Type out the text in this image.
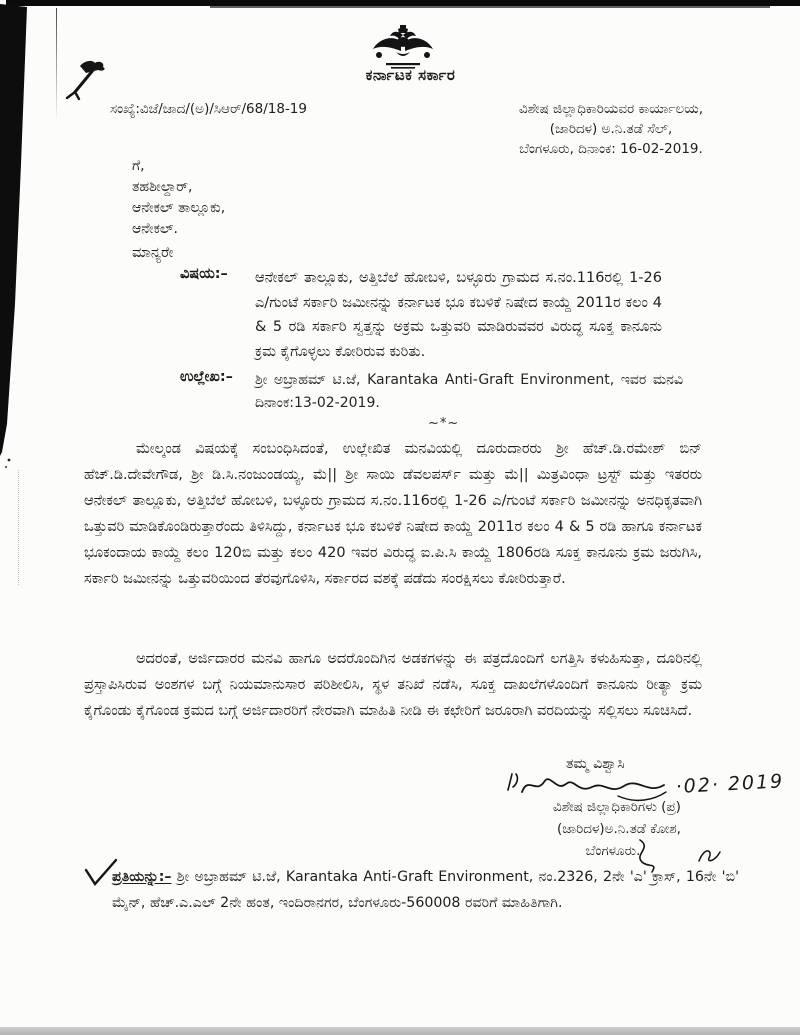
ಕರ್ನಾಟಕ ಸರ್ಕಾರ
ಸಂಖ್ಯೆ:ವಿಜೆ/ಜಾದ/(ಅ)/ಸಿಆರ್/68/18-19	ವಿಶೇಷ ಜಿಲ್ಲಾಧಿಕಾರಿಯವರ ಕಾರ್ಯಾಲಯ,
(ಜಾರಿದಳ) ಅ.ನಿ.ತಡೆ ಸೆಲ್,
ಬೆಂಗಳೂರು, ದಿನಾಂಕ: 16-02-2019.
ಗೆ,
ತಹಶೀಲ್ದಾರ್,
ಆನೇಕಲ್ ತಾಲ್ಲೂಕು,
ಆನೇಕಲ್.
ಮಾನ್ಯರೇ
ವಿಷಯ:– ಆನೇಕಲ್ ತಾಲ್ಲೂಕು, ಅತ್ತಿಬೆಲೆ ಹೋಬಳಿ, ಬಳ್ಳೂರು ಗ್ರಾಮದ ಸ.ನಂ.116ರಲ್ಲಿ 1-26 ಎ/ಗುಂಟೆ ಸರ್ಕಾರಿ ಜಮೀನನ್ನು ಕರ್ನಾಟಕ ಭೂ ಕಬಳಿಕೆ ನಿಷೇದ ಕಾಯ್ದೆ 2011ರ ಕಲಂ 4 & 5 ರಡಿ ಸರ್ಕಾರಿ ಸ್ವತ್ತನ್ನು ಅಕ್ರಮ ಒತ್ತುವರಿ ಮಾಡಿರುವವರ ವಿರುದ್ಧ ಸೂಕ್ತ ಕಾನೂನು ಕ್ರಮ ಕೈಗೊಳ್ಳಲು ಕೋರಿರುವ ಕುರಿತು.
ಉಲ್ಲೇಖ:– ಶ್ರೀ ಅಬ್ರಾಹಮ್ ಟಿ.ಜೆ, Karantaka Anti-Graft Environment, ಇವರ ಮನವಿ ದಿನಾಂಕ:13-02-2019.
~*~
ಮೇಲ್ಕಂಡ ವಿಷಯಕ್ಕೆ ಸಂಬಂಧಿಸಿದಂತೆ, ಉಲ್ಲೇಖಿತ ಮನವಿಯಲ್ಲಿ ದೂರುದಾರರು ಶ್ರೀ ಹೆಚ್.ಡಿ.ರಮೇಶ್ ಬಿನ್ ಹೆಚ್.ಡಿ.ದೇವೇಗೌಡ, ಶ್ರೀ ಡಿ.ಸಿ.ನಂಜುಂಡಯ್ಯ, ಮೆ|| ಶ್ರೀ ಸಾಯಿ ಡೆವಲಪರ್ಸ್ ಮತ್ತು ಮೆ|| ಮಿತ್ರವಿಂಧಾ ಟ್ರಸ್ಟ್ ಮತ್ತು ಇತರರು ಆನೇಕಲ್ ತಾಲ್ಲೂಕು, ಅತ್ತಿಬೆಲೆ ಹೋಬಳಿ, ಬಳ್ಳೂರು ಗ್ರಾಮದ ಸ.ನಂ.116ರಲ್ಲಿ 1-26 ಎ/ಗುಂಟೆ ಸರ್ಕಾರಿ ಜಮೀನನ್ನು ಅನಧಿಕೃತವಾಗಿ ಒತ್ತುವರಿ ಮಾಡಿಕೊಂಡಿರುತ್ತಾರೆಂದು ತಿಳಿಸಿದ್ದು, ಕರ್ನಾಟಕ ಭೂ ಕಬಳಿಕೆ ನಿಷೇದ ಕಾಯ್ದೆ 2011ರ ಕಲಂ 4 & 5 ರಡಿ ಹಾಗೂ ಕರ್ನಾಟಕ ಭೂಕಂದಾಯ ಕಾಯ್ದೆ ಕಲಂ 120ಬಿ ಮತ್ತು ಕಲಂ 420 ಇವರ ವಿರುದ್ಧ ಐ.ಪಿ.ಸಿ ಕಾಯ್ದೆ 1806ರಡಿ ಸೂಕ್ತ ಕಾನೂನು ಕ್ರಮ ಜರುಗಿಸಿ, ಸರ್ಕಾರಿ ಜಮೀನನ್ನು ಒತ್ತುವರಿಯಿಂದ ತೆರವುಗೊಳಿಸಿ, ಸರ್ಕಾರದ ವಶಕ್ಕೆ ಪಡೆದು ಸಂರಕ್ಷಿಸಲು ಕೋರಿರುತ್ತಾರೆ.
ಅದರಂತೆ, ಅರ್ಜಿದಾರರ ಮನವಿ ಹಾಗೂ ಅದರೊಂದಿಗಿನ ಅಡಕಗಳನ್ನು ಈ ಪತ್ರದೊಂದಿಗೆ ಲಗತ್ತಿಸಿ ಕಳುಹಿಸುತ್ತಾ, ದೂರಿನಲ್ಲಿ ಪ್ರಸ್ತಾಪಿಸಿರುವ ಅಂಶಗಳ ಬಗ್ಗೆ ನಿಯಮಾನುಸಾರ ಪರಿಶೀಲಿಸಿ, ಸ್ಥಳ ತನಿಖೆ ನಡೆಸಿ, ಸೂಕ್ತ ದಾಖಲೆಗಳೊಂದಿಗೆ ಕಾನೂನು ರೀತ್ಯಾ ಕ್ರಮ ಕೈಗೊಂಡು ಕೈಗೊಂಡ ಕ್ರಮದ ಬಗ್ಗೆ ಅರ್ಜಿದಾರರಿಗೆ ನೇರವಾಗಿ ಮಾಹಿತಿ ನೀಡಿ ಈ ಕಛೇರಿಗೆ ಜರೂರಾಗಿ ವರದಿಯನ್ನು ಸಲ್ಲಿಸಲು ಸೂಚಿಸಿದೆ.
ತಮ್ಮ ವಿಶ್ವಾಸಿ
·02· 2019
ವಿಶೇಷ ಜಿಲ್ಲಾಧಿಕಾರಿಗಳು (ಪ್ರ)
(ಜಾರಿದಳ)ಅ.ನಿ.ತಡೆ ಕೋಶ,
ಬೆಂಗಳೂರು.

ಪ್ರತಿಯನ್ನು:– ಶ್ರೀ ಅಬ್ರಾಹಮ್ ಟಿ.ಜೆ, Karantaka Anti-Graft Environment, ನಂ.2326, 2ನೇ 'ಎ' ಕ್ರಾಸ್, 16ನೇ 'ಬಿ' ಮೈನ್, ಹೆಚ್.ಎ.ಎಲ್ 2ನೇ ಹಂತ, ಇಂದಿರಾನಗರ, ಬೆಂಗಳೂರು-560008 ರವರಿಗೆ ಮಾಹಿತಿಗಾಗಿ.
